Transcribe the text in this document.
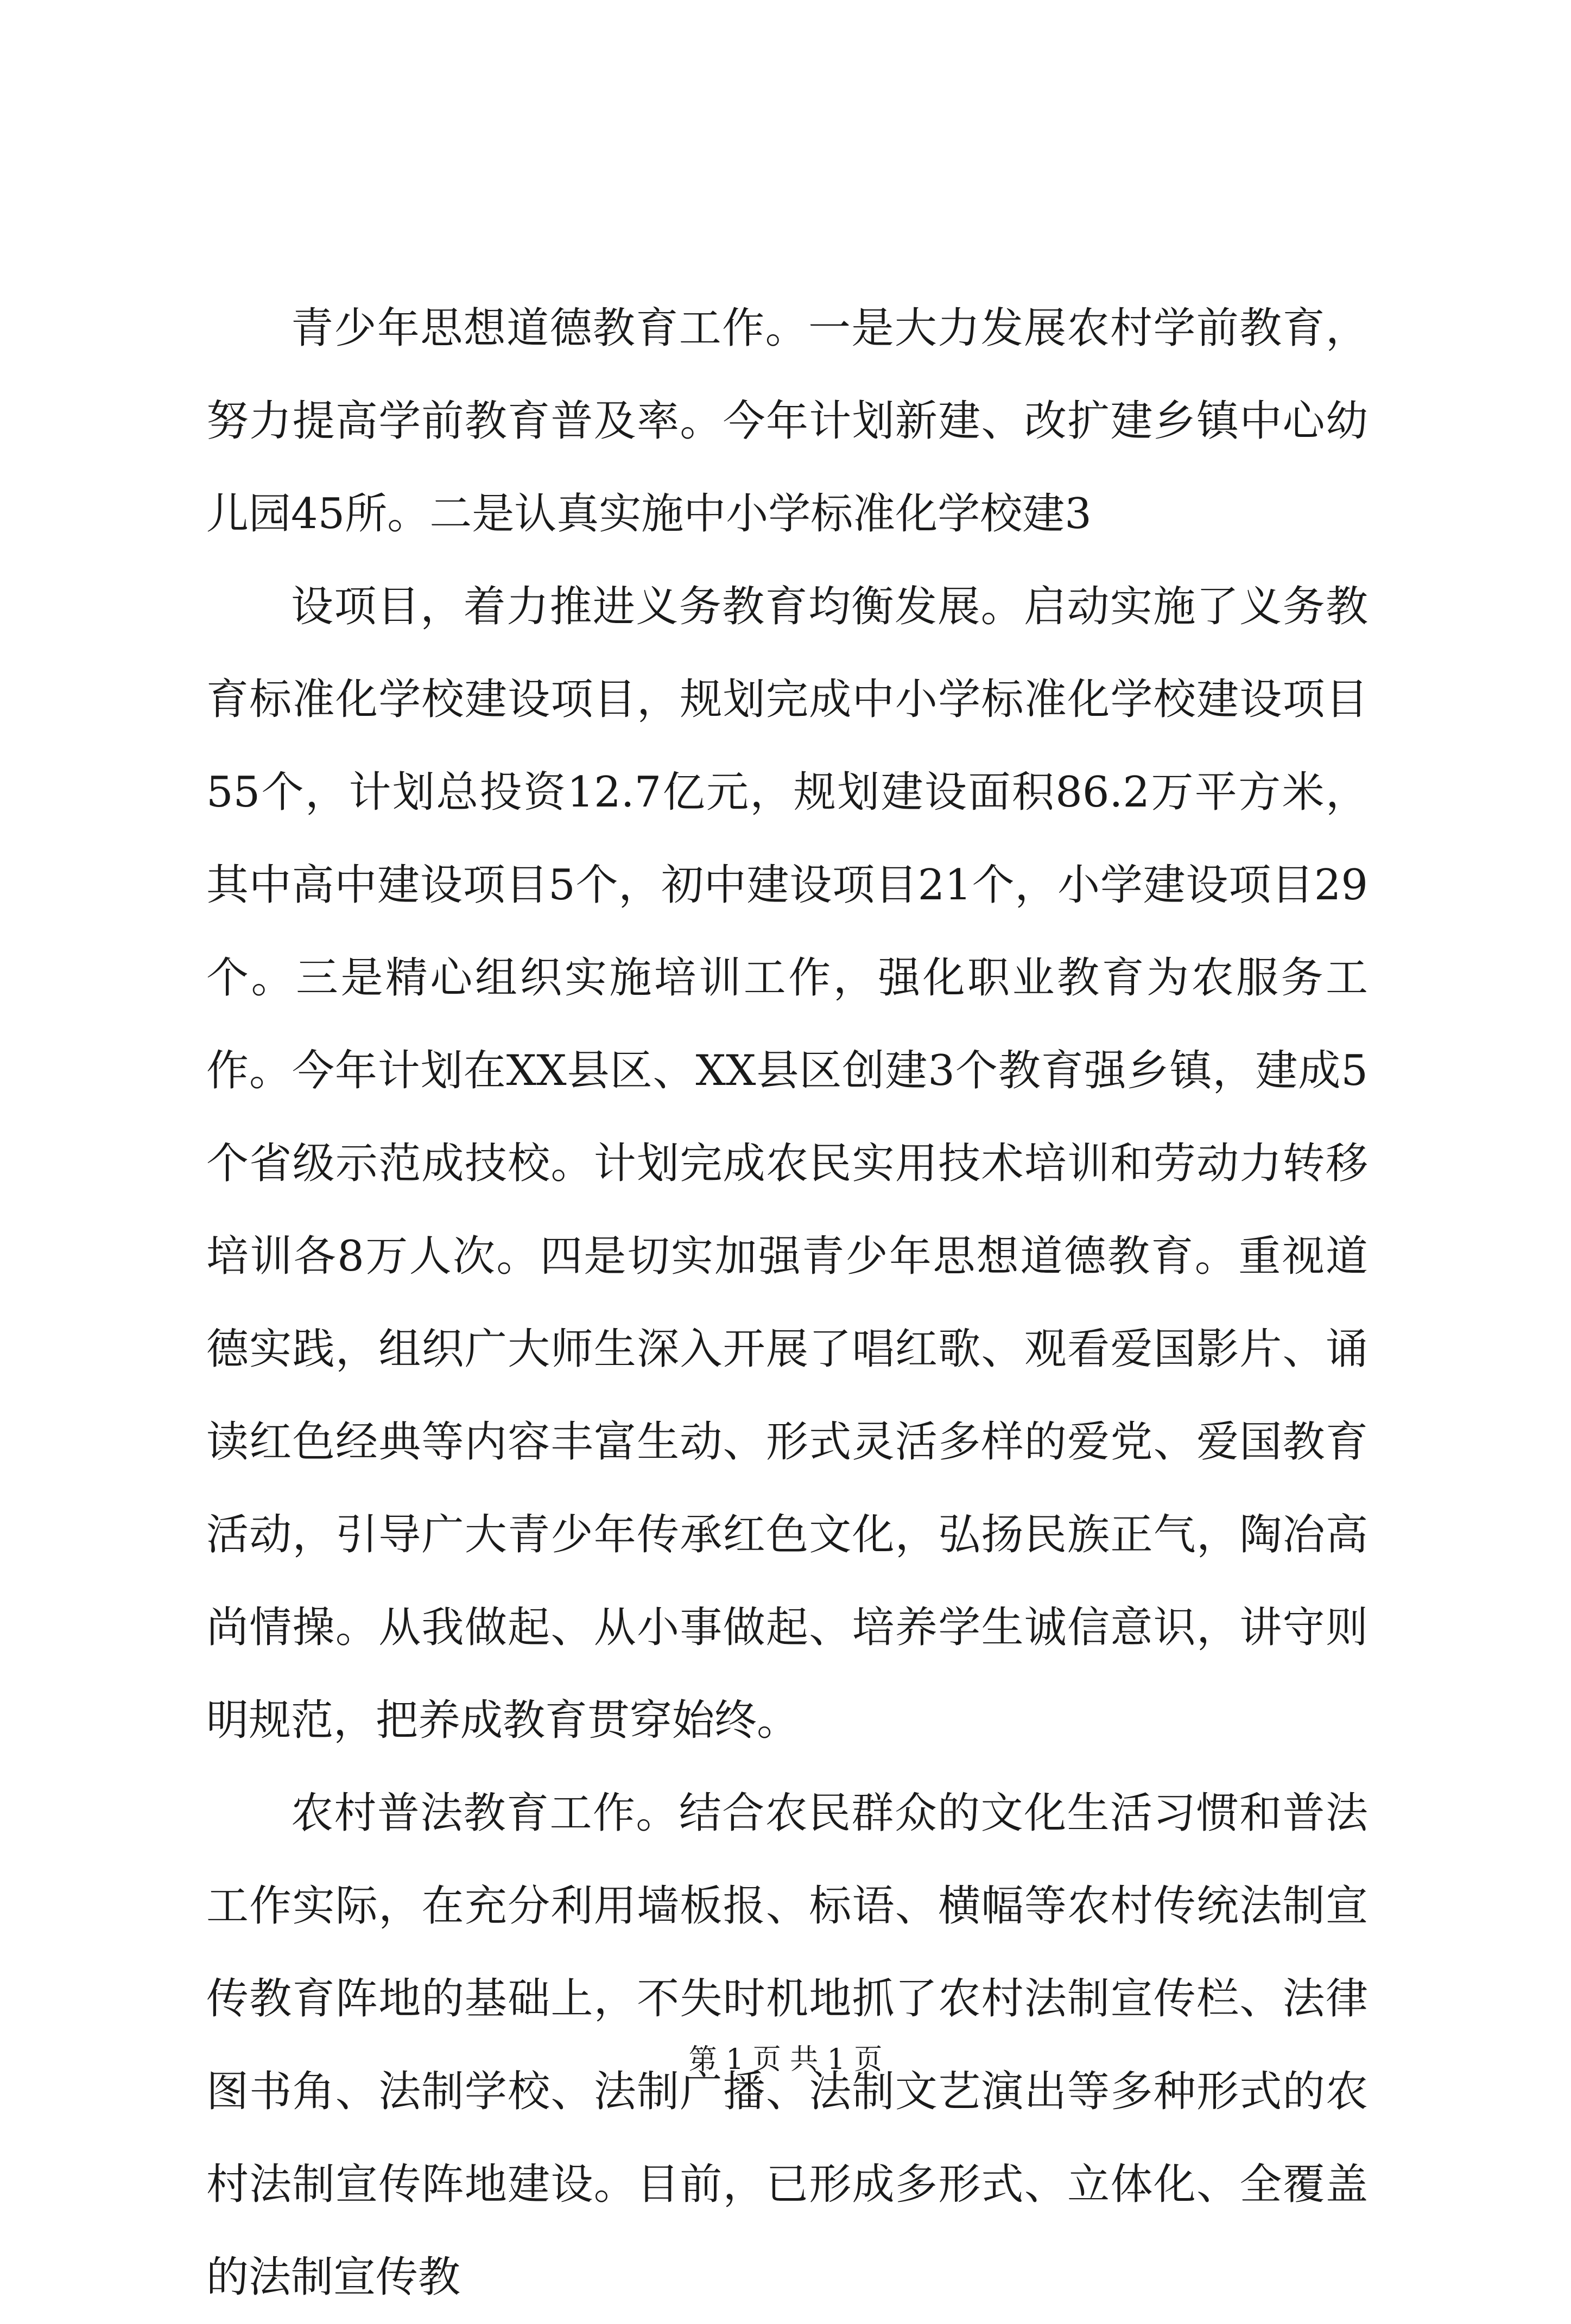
青少年思想道德教育工作。一是大力发展农村学前教育，努力提高学前教育普及率。今年计划新建、改扩建乡镇中心幼儿园45所。二是认真实施中小学标准化学校建3

设项目，着力推进义务教育均衡发展。启动实施了义务教育标准化学校建设项目，规划完成中小学标准化学校建设项目55个，计划总投资12.7亿元，规划建设面积86.2万平方米，其中高中建设项目5个，初中建设项目21个，小学建设项目29个。三是精心组织实施培训工作，强化职业教育为农服务工作。今年计划在XX县区、XX县区创建3个教育强乡镇，建成5个省级示范成技校。计划完成农民实用技术培训和劳动力转移培训各8万人次。四是切实加强青少年思想道德教育。重视道德实践，组织广大师生深入开展了唱红歌、观看爱国影片、诵读红色经典等内容丰富生动、形式灵活多样的爱党、爱国教育活动，引导广大青少年传承红色文化，弘扬民族正气，陶冶高尚情操。从我做起、从小事做起、培养学生诚信意识，讲守则明规范，把养成教育贯穿始终。

农村普法教育工作。结合农民群众的文化生活习惯和普法工作实际，在充分利用墙板报、标语、横幅等农村传统法制宣传教育阵地的基础上，不失时机地抓了农村法制宣传栏、法律图书角、法制学校、法制广播、法制文艺演出等多种形式的农村法制宣传阵地建设。目前，已形成多形式、立体化、全覆盖的法制宣传教

第 1 页 共 1 页
